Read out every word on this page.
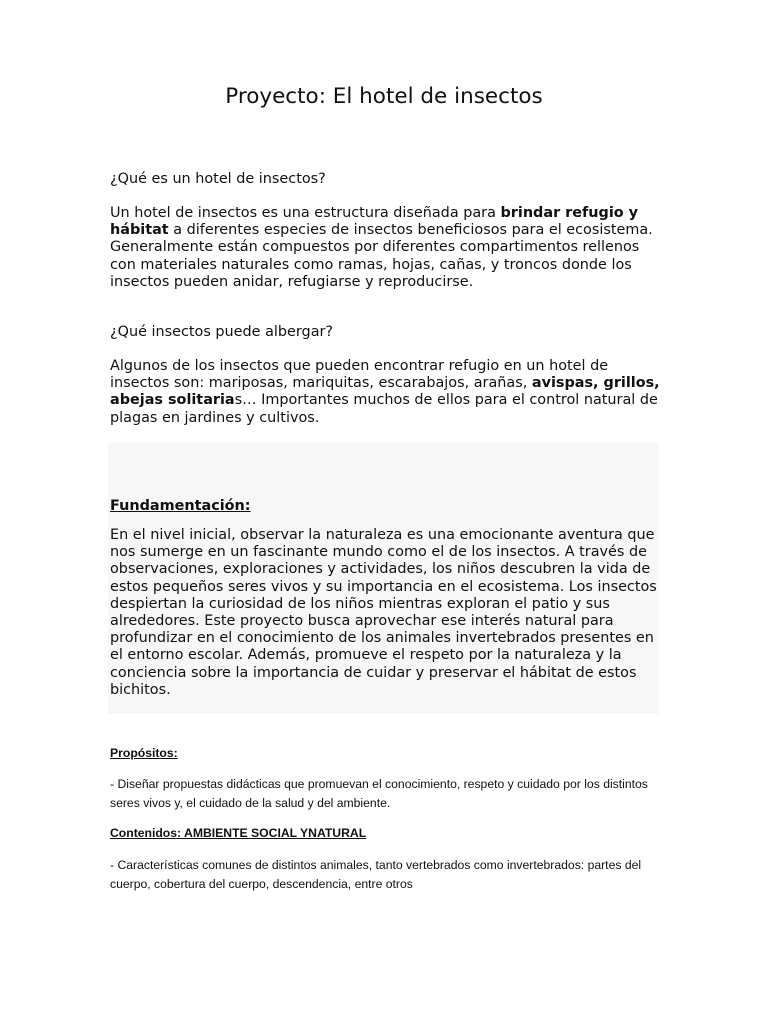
Proyecto: El hotel de insectos

¿Qué es un hotel de insectos?

Un hotel de insectos es una estructura diseñada para brindar refugio y hábitat a diferentes especies de insectos beneficiosos para el ecosistema. Generalmente están compuestos por diferentes compartimentos rellenos con materiales naturales como ramas, hojas, cañas, y troncos donde los insectos pueden anidar, refugiarse y reproducirse.

¿Qué insectos puede albergar?

Algunos de los insectos que pueden encontrar refugio en un hotel de insectos son: mariposas, mariquitas, escarabajos, arañas, avispas, grillos, abejas solitarias… Importantes muchos de ellos para el control natural de plagas en jardines y cultivos.

Fundamentación:

En el nivel inicial, observar la naturaleza es una emocionante aventura que nos sumerge en un fascinante mundo como el de los insectos. A través de observaciones, exploraciones y actividades, los niños descubren la vida de estos pequeños seres vivos y su importancia en el ecosistema. Los insectos despiertan la curiosidad de los niños mientras exploran el patio y sus alrededores. Este proyecto busca aprovechar ese interés natural para profundizar en el conocimiento de los animales invertebrados presentes en el entorno escolar. Además, promueve el respeto por la naturaleza y la conciencia sobre la importancia de cuidar y preservar el hábitat de estos bichitos.

Propósitos:

- Diseñar propuestas didácticas que promuevan el conocimiento, respeto y cuidado por los distintos seres vivos y, el cuidado de la salud y del ambiente.

Contenidos: AMBIENTE SOCIAL YNATURAL

- Características comunes de distintos animales, tanto vertebrados como invertebrados: partes del cuerpo, cobertura del cuerpo, descendencia, entre otros
